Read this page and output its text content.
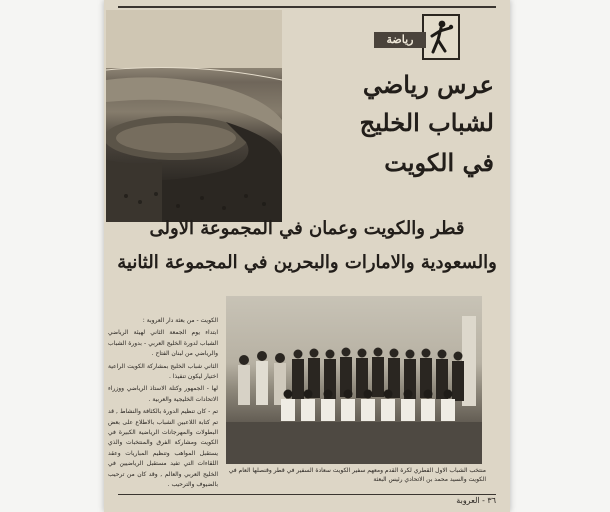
رياضة
عرس رياضي
لشباب الخليج
في الكويت
قطر والكويت وعمان في المجموعة الاولى
والسعودية والامارات والبحرين في المجموعة الثانية

الكويت - من بعثة دار العروبة :

ابتداء يوم الجمعة الثاني لهيئة الرياضي الشباب لدورة الخليج العربي - بدورة الشباب والرياضي من لبنان الفتاح .

الثاني شباب الخليج بمشاركة الكويت الراعية اختيار ليكون تنفيذا .

لها - الجمهور وكتلة الاستاذ الرياضي ووزراء الاتحادات الخليجية والعربية .

تم - كان تنظيم الدورة بالكثافة والنشاط , قد تم كتابة اللاعبين الشباب بالاطلاع على بعض البطولات والمهرجانات الرياضية الكبيرة في الكويت ومشاركة الفرق والمنتخبات والذي يستقبل المواهب وتنظيم المباريات وعقد اللقاءات التي تفيد مستقبل الرياضيين في الخليج العربي والعالم , وقد كان من ترحيب بالضيوف والترحيب .

منتخب الشباب الاول القطري لكرة القدم ومعهم سفير الكويت سعادة السفير في قطر وقنصلها العام في الكويت والسيد محمد بن الاتحادي رئيس البعثة
٣٦ - العروبة
